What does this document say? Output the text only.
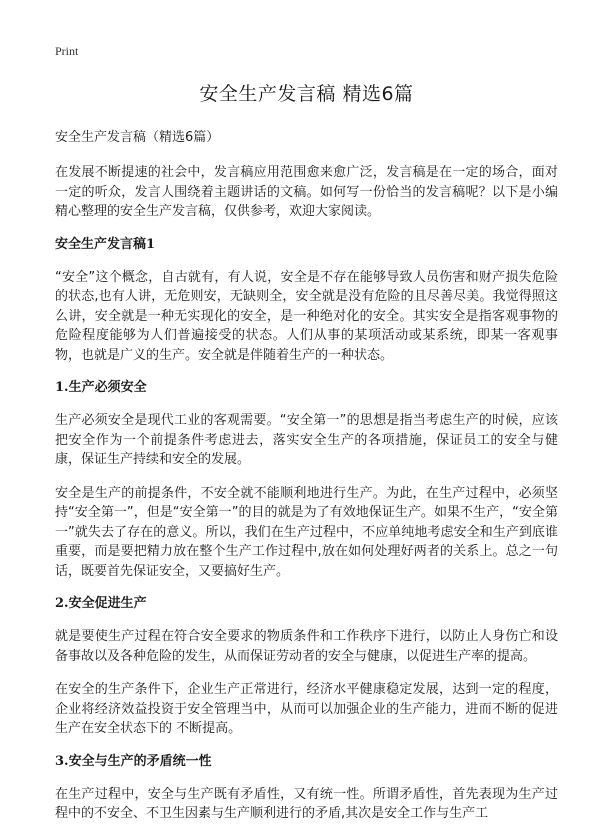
Print
安全生产发言稿 精选6篇
安全生产发言稿（精选6篇）

在发展不断提速的社会中，发言稿应用范围愈来愈广泛，发言稿是在一定的场合，面对一定的听众，发言人围绕着主题讲话的文稿。如何写一份恰当的发言稿呢？以下是小编精心整理的安全生产发言稿，仅供参考，欢迎大家阅读。

安全生产发言稿1

“安全”这个概念，自古就有，有人说，安全是不存在能够导致人员伤害和财产损失危险的状态,也有人讲，无危则安，无缺则全，安全就是没有危险的且尽善尽美。我觉得照这么讲，安全就是一种无实现化的安全，是一种绝对化的安全。其实安全是指客观事物的危险程度能够为人们普遍接受的状态。人们从事的某项活动或某系统，即某一客观事物，也就是广义的生产。安全就是伴随着生产的一种状态。

1.生产必须安全

生产必须安全是现代工业的客观需要。“安全第一”的思想是指当考虑生产的时候，应该把安全作为一个前提条件考虑进去，落实安全生产的各项措施，保证员工的安全与健康，保证生产持续和安全的发展。

安全是生产的前提条件，不安全就不能顺利地进行生产。为此，在生产过程中，必须坚持“安全第一”，但是“安全第一”的目的就是为了有效地保证生产。如果不生产，“安全第一”就失去了存在的意义。所以，我们在生产过程中，不应单纯地考虑安全和生产到底谁重要，而是要把精力放在整个生产工作过程中,放在如何处理好两者的关系上。总之一句话，既要首先保证安全，又要搞好生产。

2.安全促进生产

就是要使生产过程在符合安全要求的物质条件和工作秩序下进行，以防止人身伤亡和设备事故以及各种危险的发生，从而保证劳动者的安全与健康，以促进生产率的提高。

在安全的生产条件下，企业生产正常进行，经济水平健康稳定发展，达到一定的程度，企业将经济效益投资于安全管理当中，从而可以加强企业的生产能力，进而不断的促进生产在安全状态下的 不断提高。

3.安全与生产的矛盾统一性

在生产过程中，安全与生产既有矛盾性，又有统一性。所谓矛盾性，首先表现为生产过程中的不安全、不卫生因素与生产顺利进行的矛盾,其次是安全工作与生产工
